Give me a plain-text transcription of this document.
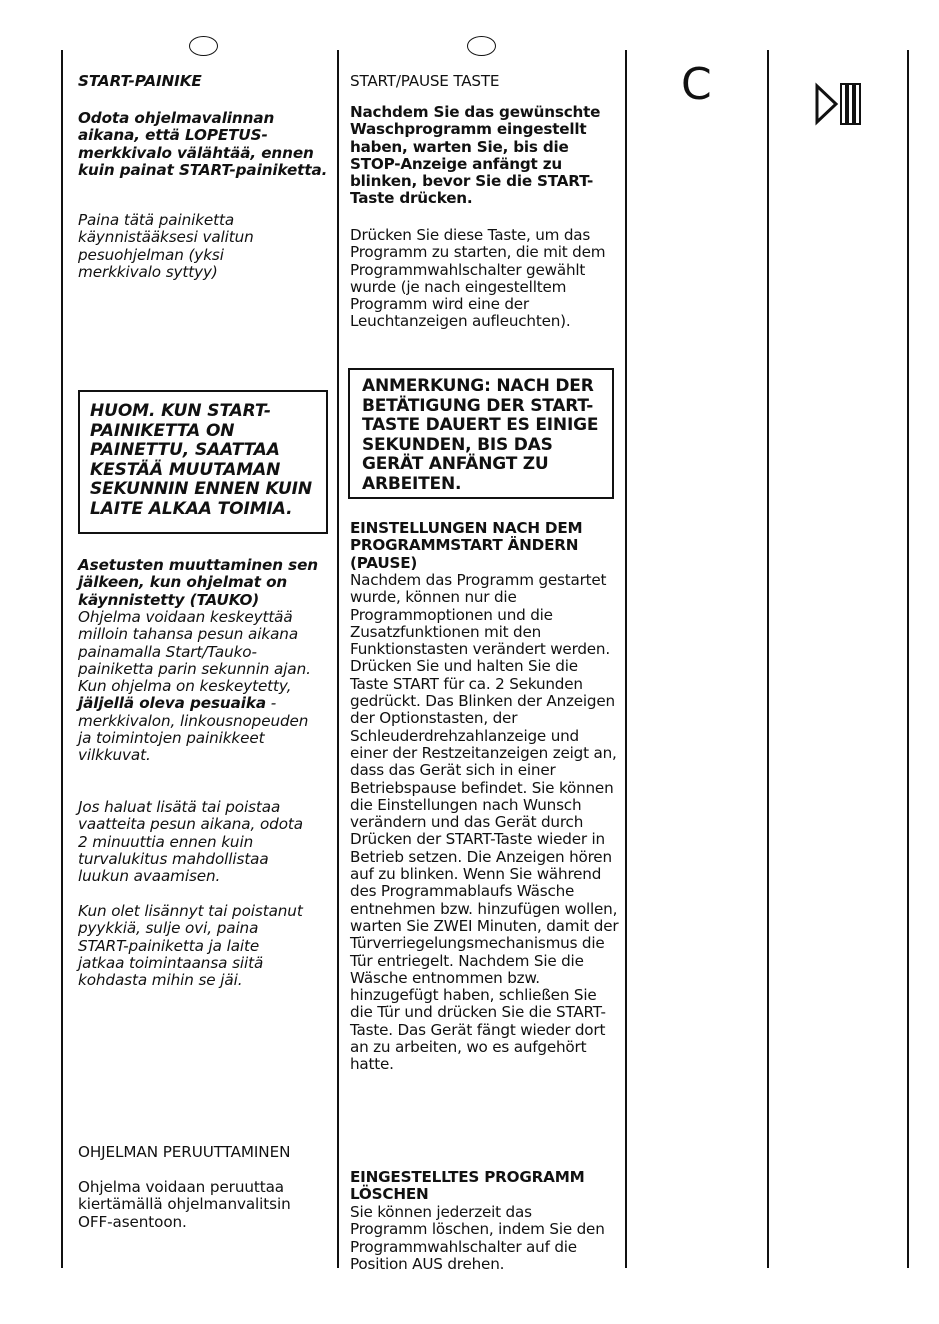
START-PAINIKE

Odota ohjelmavalinnan aikana, että LOPETUS-merkkivalo välähtää, ennen kuin painat START-painiketta.

Paina tätä painiketta käynnistääksesi valitun pesuohjelman (yksi merkkivalo syttyy)

HUOM. KUN START-PAINIKETTA ON PAINETTU, SAATTAA KESTÄÄ MUUTAMAN SEKUNNIN ENNEN KUIN LAITE ALKAA TOIMIA.

Asetusten muuttaminen sen jälkeen, kun ohjelmat on käynnistetty (TAUKO)

Ohjelma voidaan keskeyttää milloin tahansa pesun aikana painamalla Start/Tauko-painiketta parin sekunnin ajan. Kun ohjelma on keskeytetty, jäljellä oleva pesuaika -merkkivalon, linkousnopeuden ja toimintojen painikkeet vilkkuvat.

Jos haluat lisätä tai poistaa vaatteita pesun aikana, odota 2 minuuttia ennen kuin turvalukitus mahdollistaa luukun avaamisen.

Kun olet lisännyt tai poistanut pyykkiä, sulje ovi, paina START-painiketta ja laite jatkaa toimintaansa siitä kohdasta mihin se jäi.

OHJELMAN PERUUTTAMINEN

Ohjelma voidaan peruuttaa kiertämällä ohjelmanvalitsin OFF-asentoon.

START/PAUSE TASTE

Nachdem Sie das gewünschte Waschprogramm eingestellt haben, warten Sie, bis die STOP-Anzeige anfängt zu blinken, bevor Sie die START-Taste drücken.

Drücken Sie diese Taste, um das Programm zu starten, die mit dem Programmwahlschalter gewählt wurde (je nach eingestelltem Programm wird eine der Leuchtanzeigen aufleuchten).

ANMERKUNG: NACH DER BETÄTIGUNG DER START-TASTE DAUERT ES EINIGE SEKUNDEN, BIS DAS GERÄT ANFÄNGT ZU ARBEITEN.

EINSTELLUNGEN NACH DEM PROGRAMMSTART ÄNDERN (PAUSE)

Nachdem das Programm gestartet wurde, können nur die Programmoptionen und die Zusatzfunktionen mit den Funktionstasten verändert werden. Drücken Sie und halten Sie die Taste START für ca. 2 Sekunden gedrückt. Das Blinken der Anzeigen der Optionstasten, der Schleuderdrehzahlanzeige und einer der Restzeitanzeigen zeigt an, dass das Gerät sich in einer Betriebspause befindet. Sie können die Einstellungen nach Wunsch verändern und das Gerät durch Drücken der START-Taste wieder in Betrieb setzen. Die Anzeigen hören auf zu blinken. Wenn Sie während des Programmablaufs Wäsche entnehmen bzw. hinzufügen wollen, warten Sie ZWEI Minuten, damit der Türverriegelungsmechanismus die Tür entriegelt. Nachdem Sie die Wäsche entnommen bzw. hinzugefügt haben, schließen Sie die Tür und drücken Sie die START-Taste. Das Gerät fängt wieder dort an zu arbeiten, wo es aufgehört hatte.

EINGESTELLTES PROGRAMM LÖSCHEN

Sie können jederzeit das Programm löschen, indem Sie den Programmwahlschalter auf die Position AUS drehen.

C
